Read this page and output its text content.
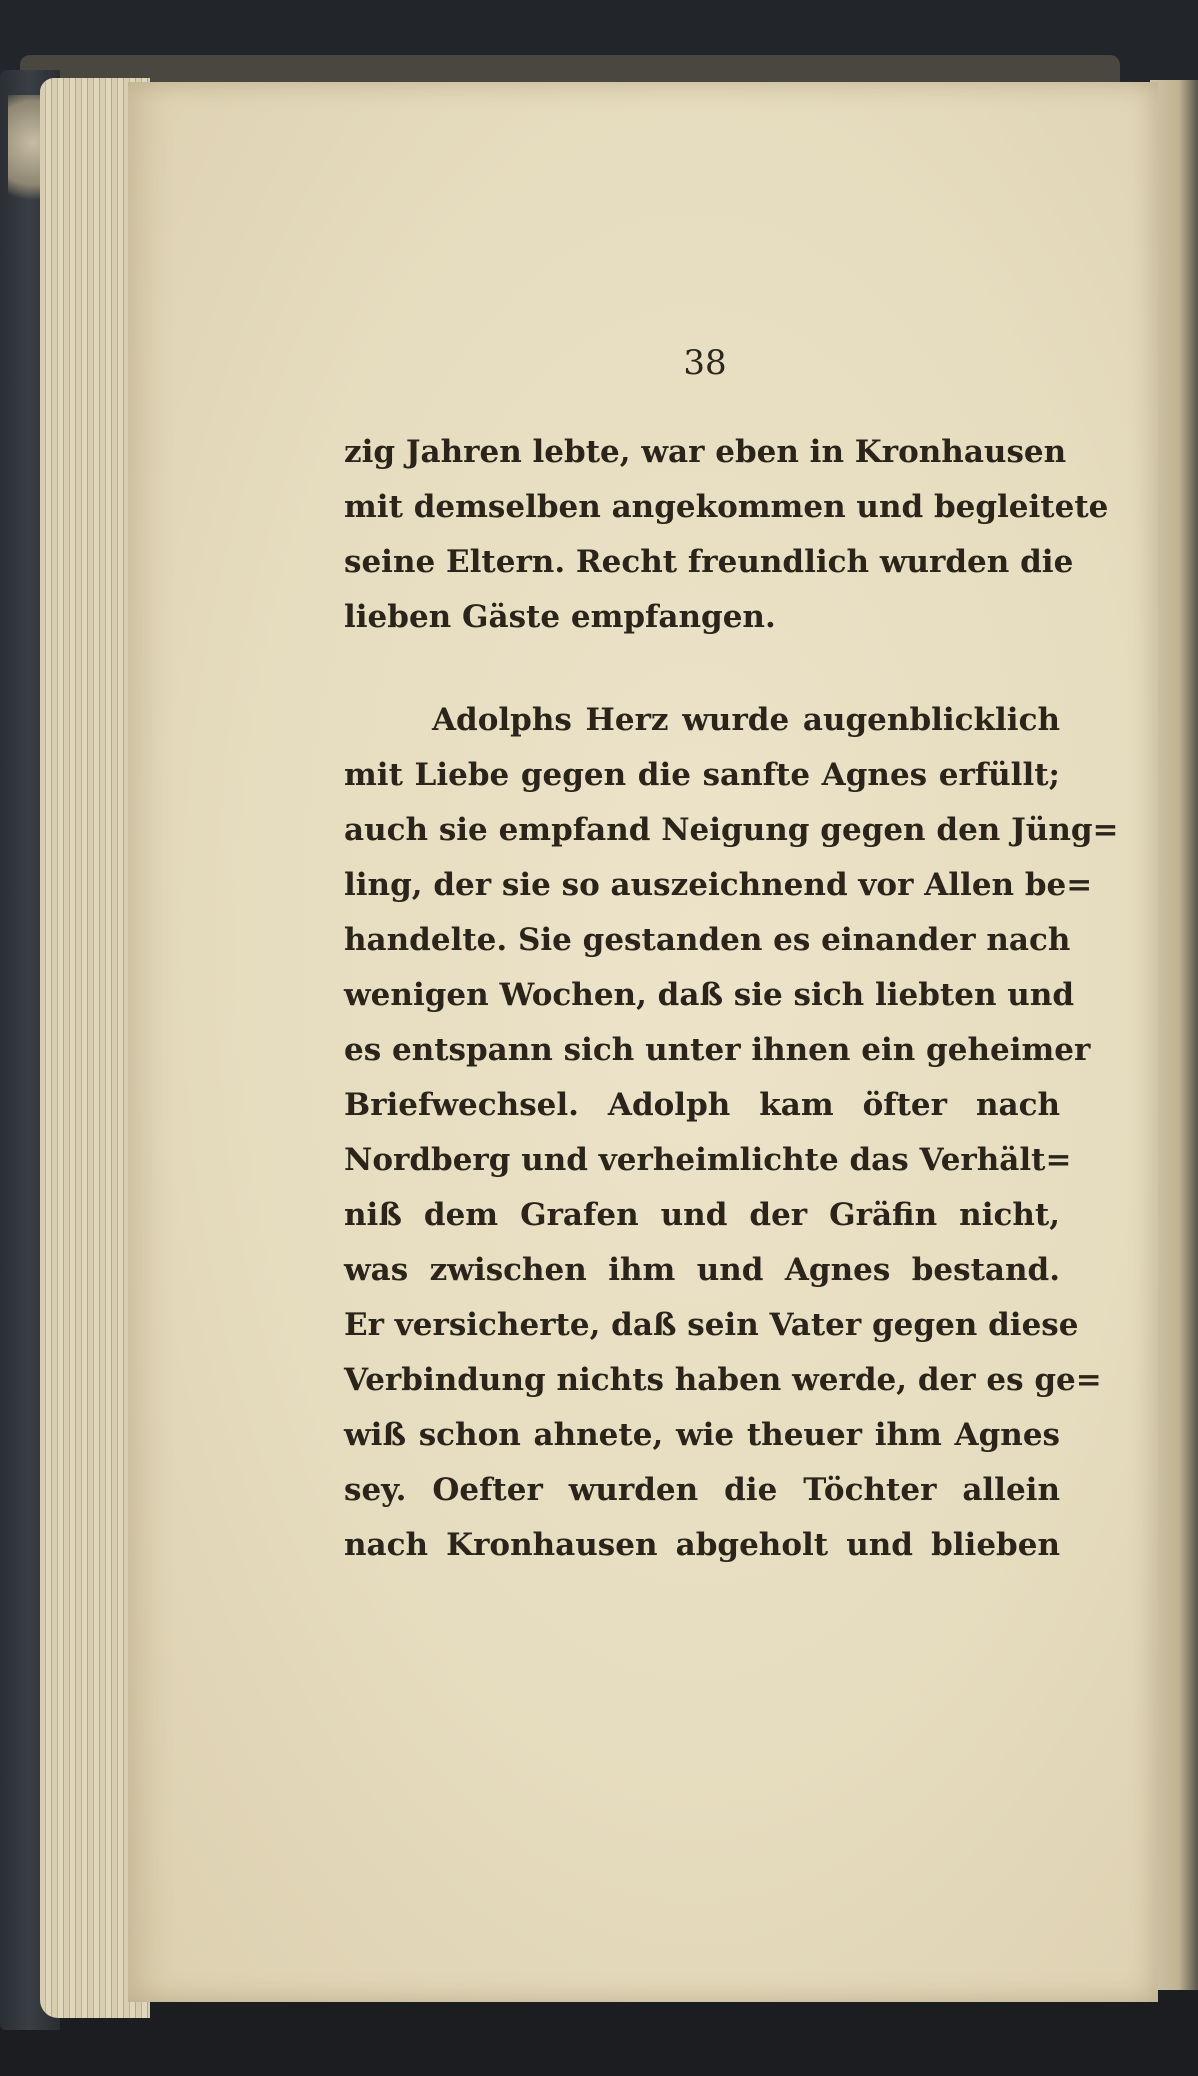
38
zig Jahren lebte, war eben in Kronhausen
mit demselben angekommen und begleitete
seine Eltern. Recht freundlich wurden die
lieben Gäste empfangen.
Adolphs Herz wurde augenblicklich
mit Liebe gegen die sanfte Agnes erfüllt;
auch sie empfand Neigung gegen den Jüng=
ling, der sie so auszeichnend vor Allen be=
handelte. Sie gestanden es einander nach
wenigen Wochen, daß sie sich liebten und
es entspann sich unter ihnen ein geheimer
Briefwechsel. Adolph kam öfter nach
Nordberg und verheimlichte das Verhält=
niß dem Grafen und der Gräfin nicht,
was zwischen ihm und Agnes bestand.
Er versicherte, daß sein Vater gegen diese
Verbindung nichts haben werde, der es ge=
wiß schon ahnete, wie theuer ihm Agnes
sey. Oefter wurden die Töchter allein
nach Kronhausen abgeholt und blieben
